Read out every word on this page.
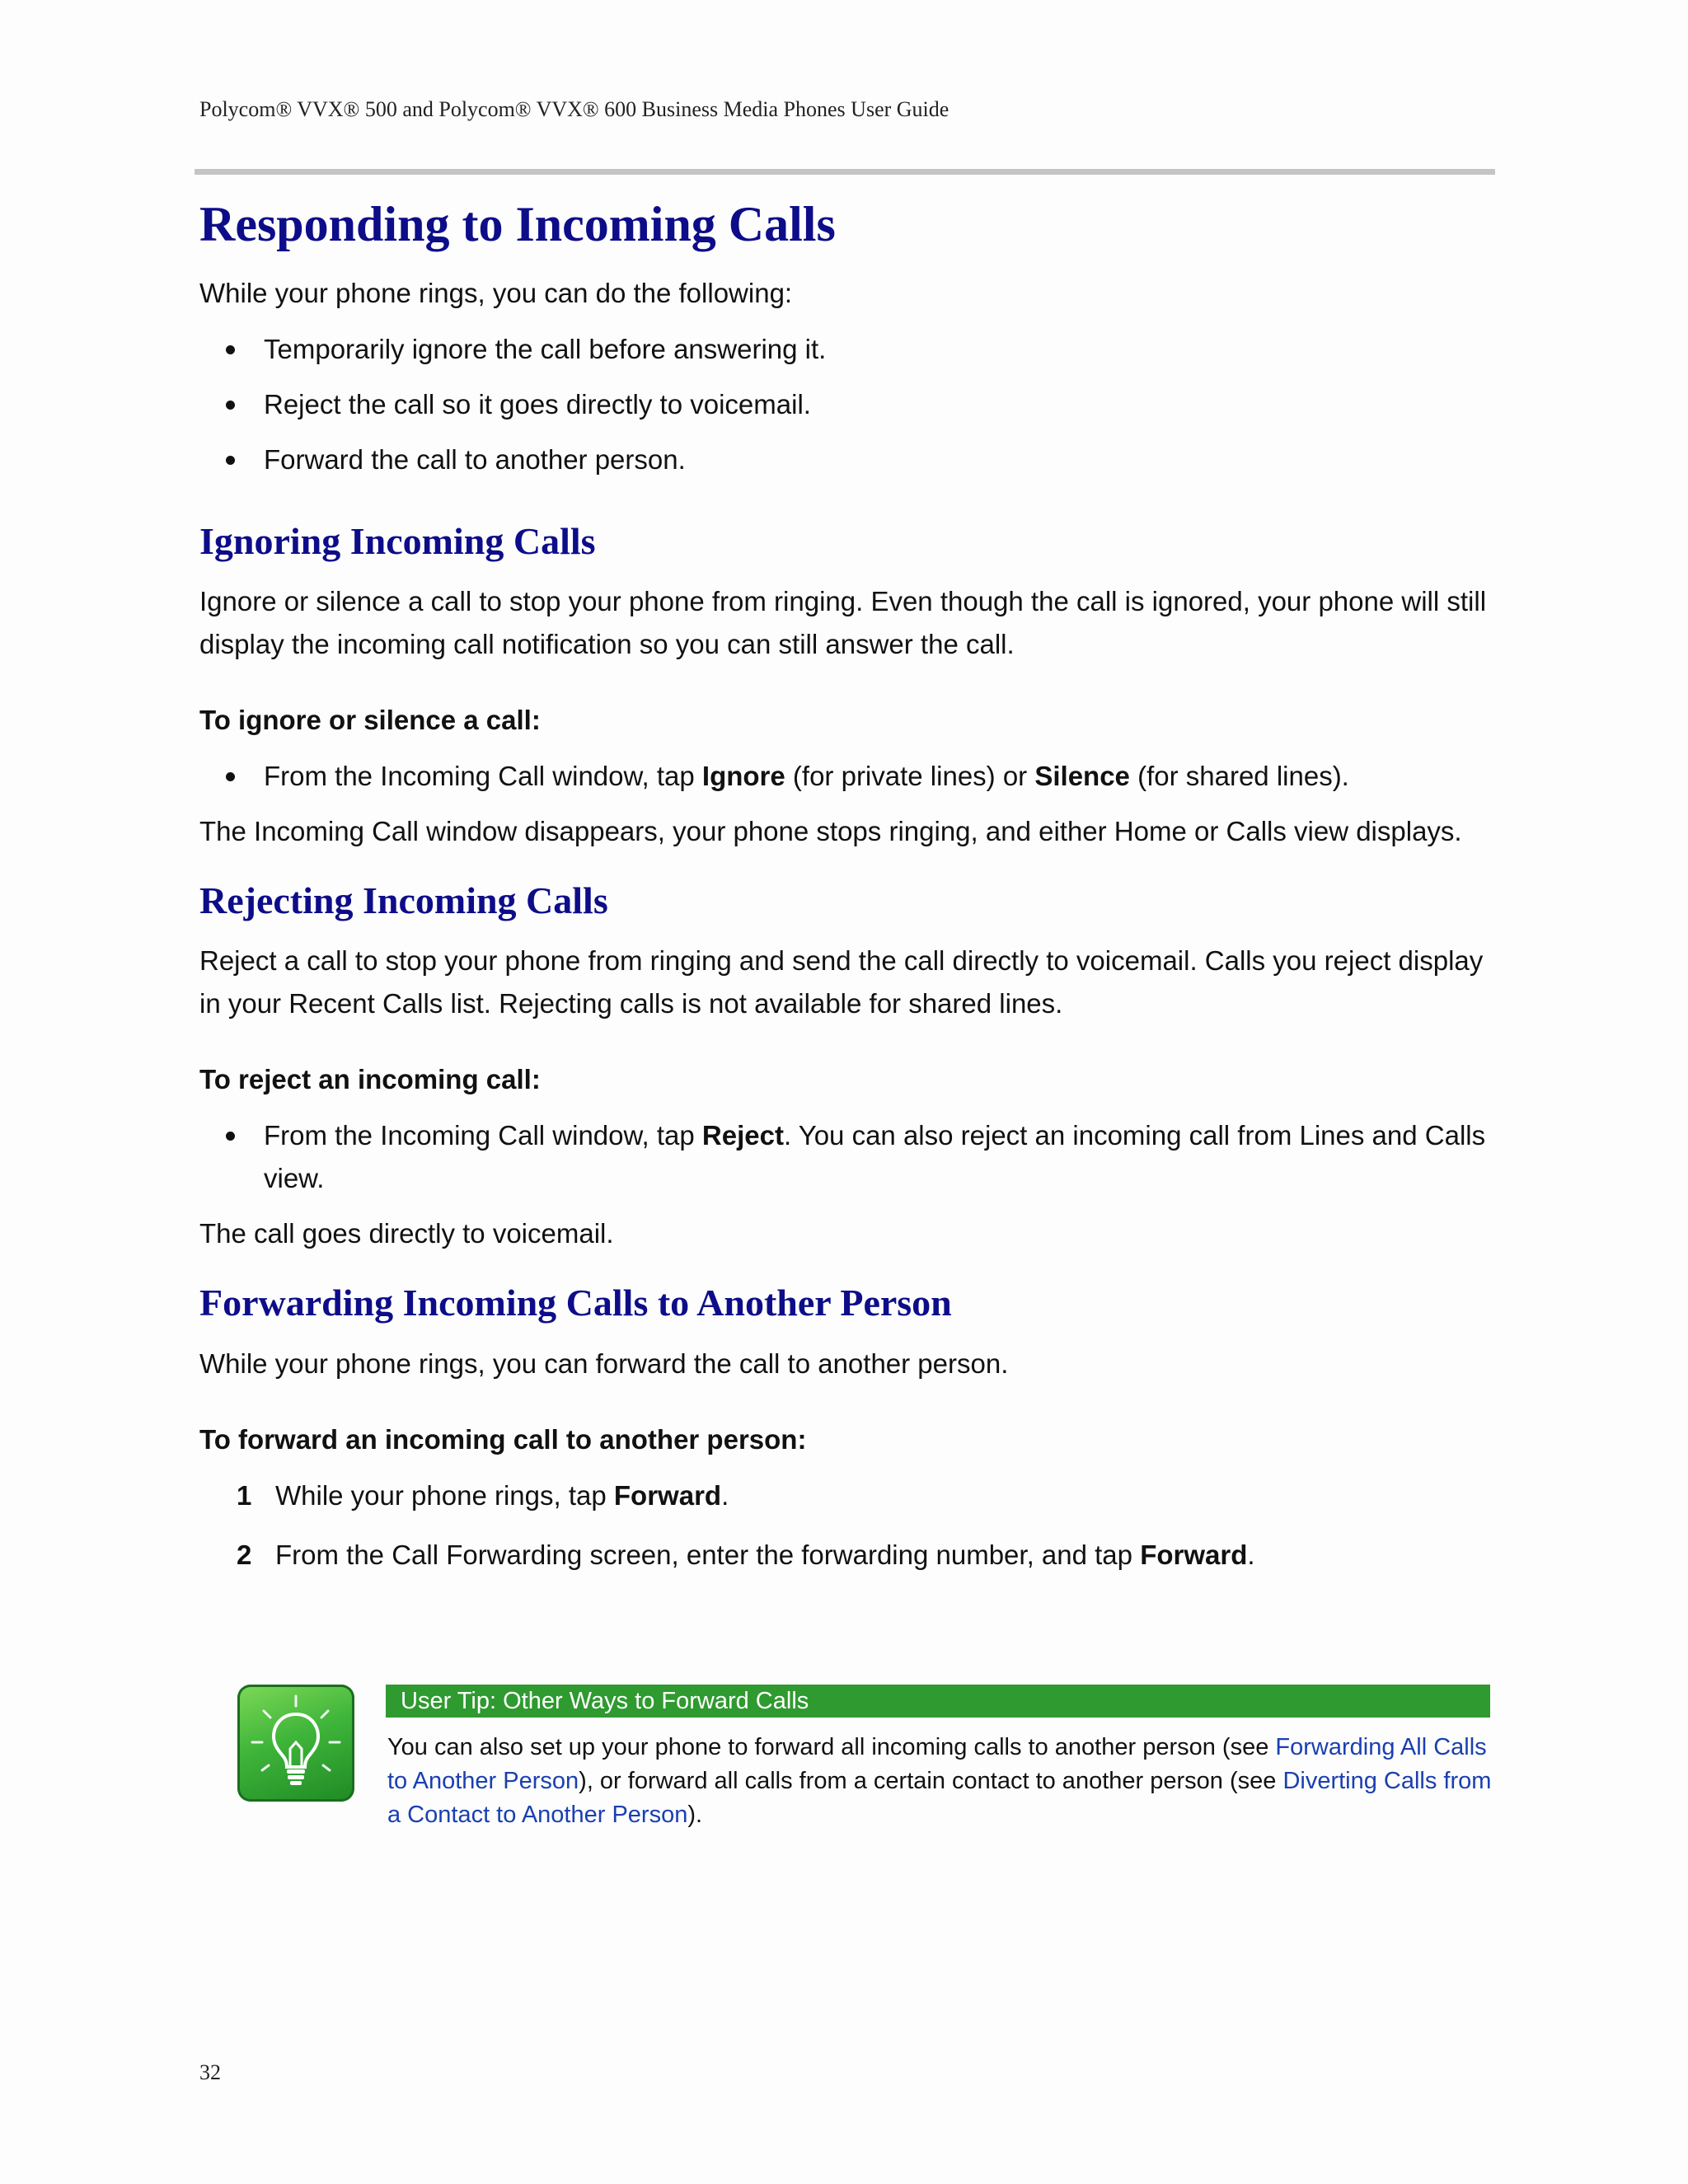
Polycom® VVX® 500 and Polycom® VVX® 600 Business Media Phones User Guide
Responding to Incoming Calls

While your phone rings, you can do the following:

Temporarily ignore the call before answering it.
Reject the call so it goes directly to voicemail.
Forward the call to another person.
Ignoring Incoming Calls

Ignore or silence a call to stop your phone from ringing. Even though the call is ignored, your phone will still display the incoming call notification so you can still answer the call.

To ignore or silence a call:

From the Incoming Call window, tap Ignore (for private lines) or Silence (for shared lines).

The Incoming Call window disappears, your phone stops ringing, and either Home or Calls view displays.

Rejecting Incoming Calls

Reject a call to stop your phone from ringing and send the call directly to voicemail. Calls you reject display in your Recent Calls list. Rejecting calls is not available for shared lines.

To reject an incoming call:

From the Incoming Call window, tap Reject. You can also reject an incoming call from Lines and Calls view.

The call goes directly to voicemail.

Forwarding Incoming Calls to Another Person

While your phone rings, you can forward the call to another person.

To forward an incoming call to another person:

1 While your phone rings, tap Forward.
2 From the Call Forwarding screen, enter the forwarding number, and tap Forward.
User Tip: Other Ways to Forward Calls
You can also set up your phone to forward all incoming calls to another person (see Forwarding All Calls to Another Person), or forward all calls from a certain contact to another person (see Diverting Calls from a Contact to Another Person).
32
